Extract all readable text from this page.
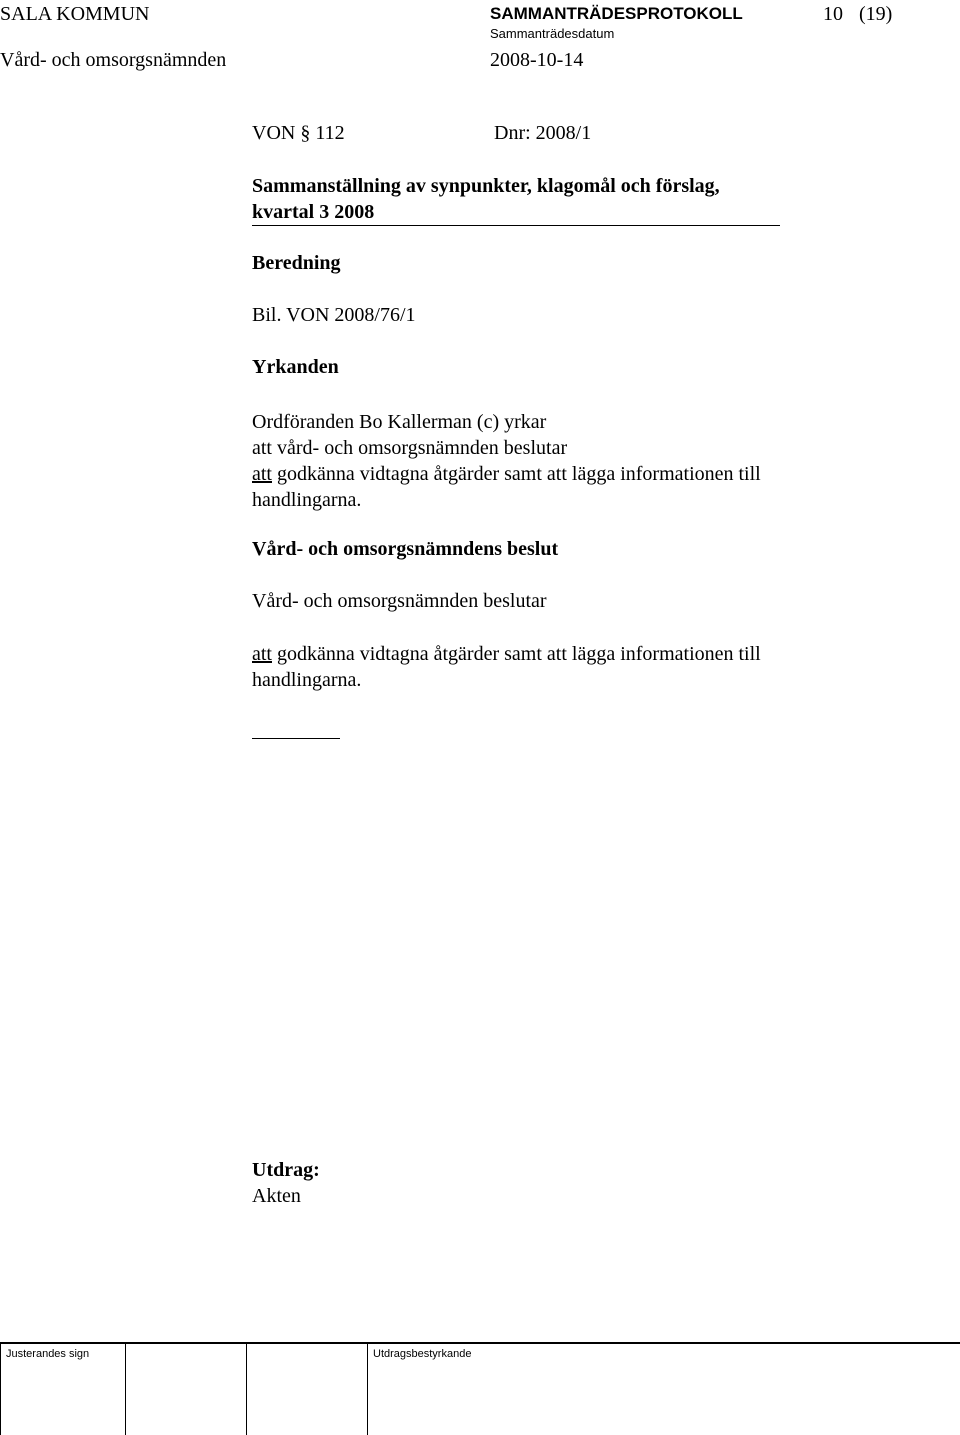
SALA KOMMUN	SAMMANTRÄDESPROTOKOLL
Sammanträdesdatum
10 (19)
Vård- och omsorgsnämnden	2008-10-14
VON § 112	Dnr: 2008/1
Sammanställning av synpunkter, klagomål och förslag,
kvartal 3 2008
Beredning
Bil. VON 2008/76/1
Yrkanden
Ordföranden Bo Kallerman (c) yrkar
att vård- och omsorgsnämnden beslutar
att godkänna vidtagna åtgärder samt att lägga informationen till
handlingarna.
Vård- och omsorgsnämndens beslut
Vård- och omsorgsnämnden beslutar
att godkänna vidtagna åtgärder samt att lägga informationen till
handlingarna.
Utdrag:
Akten
Justerandes sign	Utdragsbestyrkande
